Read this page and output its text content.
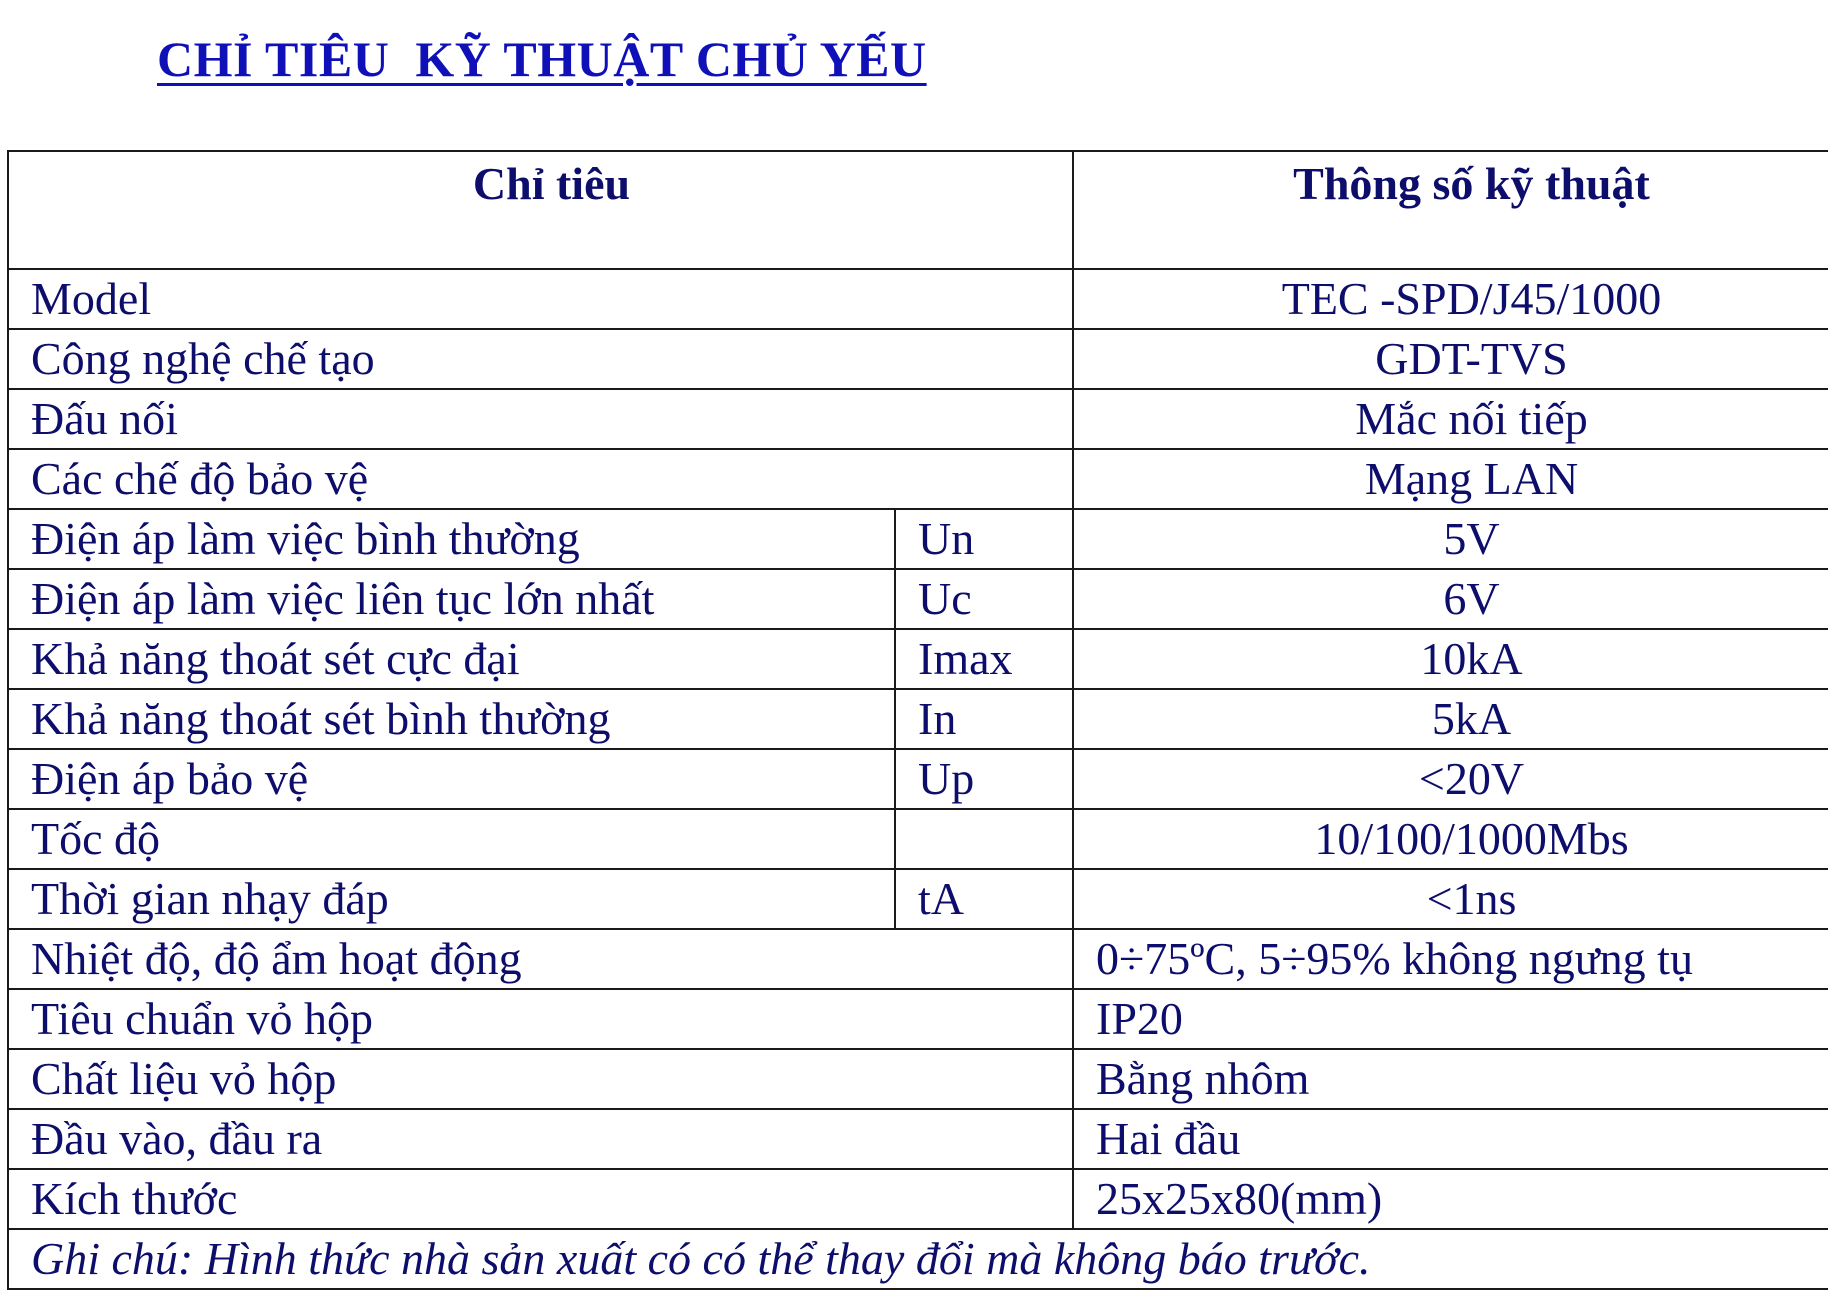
CHỈ TIÊU  KỸ THUẬT CHỦ YẾU
Chỉ tiêu		Thông số kỹ thuật
Model		TEC -SPD/J45/1000
Công nghệ chế tạo		GDT-TVS
Đấu nối		Mắc nối tiếp
Các chế độ bảo vệ		Mạng LAN
Điện áp làm việc bình thường	Un	5V
Điện áp làm việc liên tục lớn nhất	Uc	6V
Khả năng thoát sét cực đại	Imax	10kA
Khả năng thoát sét bình thường	In	5kA
Điện áp bảo vệ	Up	<20V
Tốc độ		10/100/1000Mbs
Thời gian nhạy đáp	tA	<1ns
Nhiệt độ, độ ẩm hoạt động		0÷75ºC, 5÷95% không ngưng tụ
Tiêu chuẩn vỏ hộp		IP20
Chất liệu vỏ hộp		Bằng nhôm
Đầu vào, đầu ra		Hai đầu
Kích thước		25x25x80(mm)
Ghi chú: Hình thức nhà sản xuất có có thể thay đổi mà không báo trước.		
